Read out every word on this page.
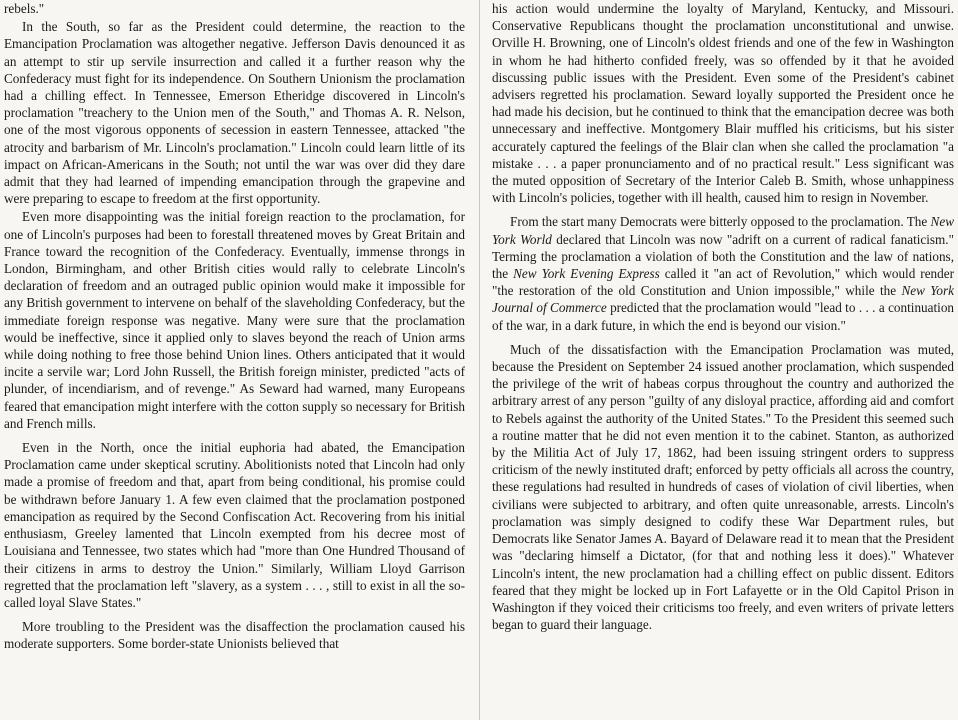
rebels."

In the South, so far as the President could determine, the reaction to the Emancipation Proclamation was altogether negative. Jefferson Davis denounced it as an attempt to stir up servile insurrection and called it a further reason why the Confederacy must fight for its independence. On Southern Unionism the proclamation had a chilling effect. In Tennessee, Emerson Etheridge discovered in Lincoln's proclamation "treachery to the Union men of the South," and Thomas A. R. Nelson, one of the most vigorous opponents of secession in eastern Tennessee, attacked "the atrocity and barbarism of Mr. Lincoln's proclamation." Lincoln could learn little of its impact on African-Americans in the South; not until the war was over did they dare admit that they had learned of impending emancipation through the grapevine and were preparing to escape to freedom at the first opportunity.

Even more disappointing was the initial foreign reaction to the proclamation, for one of Lincoln's purposes had been to forestall threatened moves by Great Britain and France toward the recognition of the Confederacy. Eventually, immense throngs in London, Birmingham, and other British cities would rally to celebrate Lincoln's declaration of freedom and an outraged public opinion would make it impossible for any British government to intervene on behalf of the slaveholding Confederacy, but the immediate foreign response was negative. Many were sure that the proclamation would be ineffective, since it applied only to slaves beyond the reach of Union arms while doing nothing to free those behind Union lines. Others anticipated that it would incite a servile war; Lord John Russell, the British foreign minister, predicted "acts of plunder, of incendiarism, and of revenge." As Seward had warned, many Europeans feared that emancipation might interfere with the cotton supply so necessary for British and French mills.

Even in the North, once the initial euphoria had abated, the Emancipation Proclamation came under skeptical scrutiny. Abolitionists noted that Lincoln had only made a promise of freedom and that, apart from being conditional, his promise could be withdrawn before January 1. A few even claimed that the proclamation postponed emancipation as required by the Second Confiscation Act. Recovering from his initial enthusiasm, Greeley lamented that Lincoln exempted from his decree most of Louisiana and Tennessee, two states which had "more than One Hundred Thousand of their citizens in arms to destroy the Union." Similarly, William Lloyd Garrison regretted that the proclamation left "slavery, as a system . . . , still to exist in all the so-called loyal Slave States."

More troubling to the President was the disaffection the proclamation caused his moderate supporters. Some border-state Unionists believed that

his action would undermine the loyalty of Maryland, Kentucky, and Missouri. Conservative Republicans thought the proclamation unconstitutional and unwise. Orville H. Browning, one of Lincoln's oldest friends and one of the few in Washington in whom he had hitherto confided freely, was so offended by it that he avoided discussing public issues with the President. Even some of the President's cabinet advisers regretted his proclamation. Seward loyally supported the President once he had made his decision, but he continued to think that the emancipation decree was both unnecessary and ineffective. Montgomery Blair muffled his criticisms, but his sister accurately captured the feelings of the Blair clan when she called the proclamation "a mistake . . . a paper pronunciamento and of no practical result." Less significant was the muted opposition of Secretary of the Interior Caleb B. Smith, whose unhappiness with Lincoln's policies, together with ill health, caused him to resign in November.

From the start many Democrats were bitterly opposed to the proclamation. The New York World declared that Lincoln was now "adrift on a current of radical fanaticism." Terming the proclamation a violation of both the Constitution and the law of nations, the New York Evening Express called it "an act of Revolution," which would render "the restoration of the old Constitution and Union impossible," while the New York Journal of Commerce predicted that the proclamation would "lead to . . . a continuation of the war, in a dark future, in which the end is beyond our vision."

Much of the dissatisfaction with the Emancipation Proclamation was muted, because the President on September 24 issued another proclamation, which suspended the privilege of the writ of habeas corpus throughout the country and authorized the arbitrary arrest of any person "guilty of any disloyal practice, affording aid and comfort to Rebels against the authority of the United States." To the President this seemed such a routine matter that he did not even mention it to the cabinet. Stanton, as authorized by the Militia Act of July 17, 1862, had been issuing stringent orders to suppress criticism of the newly instituted draft; enforced by petty officials all across the country, these regulations had resulted in hundreds of cases of violation of civil liberties, when civilians were subjected to arbitrary, and often quite unreasonable, arrests. Lincoln's proclamation was simply designed to codify these War Department rules, but Democrats like Senator James A. Bayard of Delaware read it to mean that the President was "declaring himself a Dictator, (for that and nothing less it does)." Whatever Lincoln's intent, the new proclamation had a chilling effect on public dissent. Editors feared that they might be locked up in Fort Lafayette or in the Old Capitol Prison in Washington if they voiced their criticisms too freely, and even writers of private letters began to guard their language.
